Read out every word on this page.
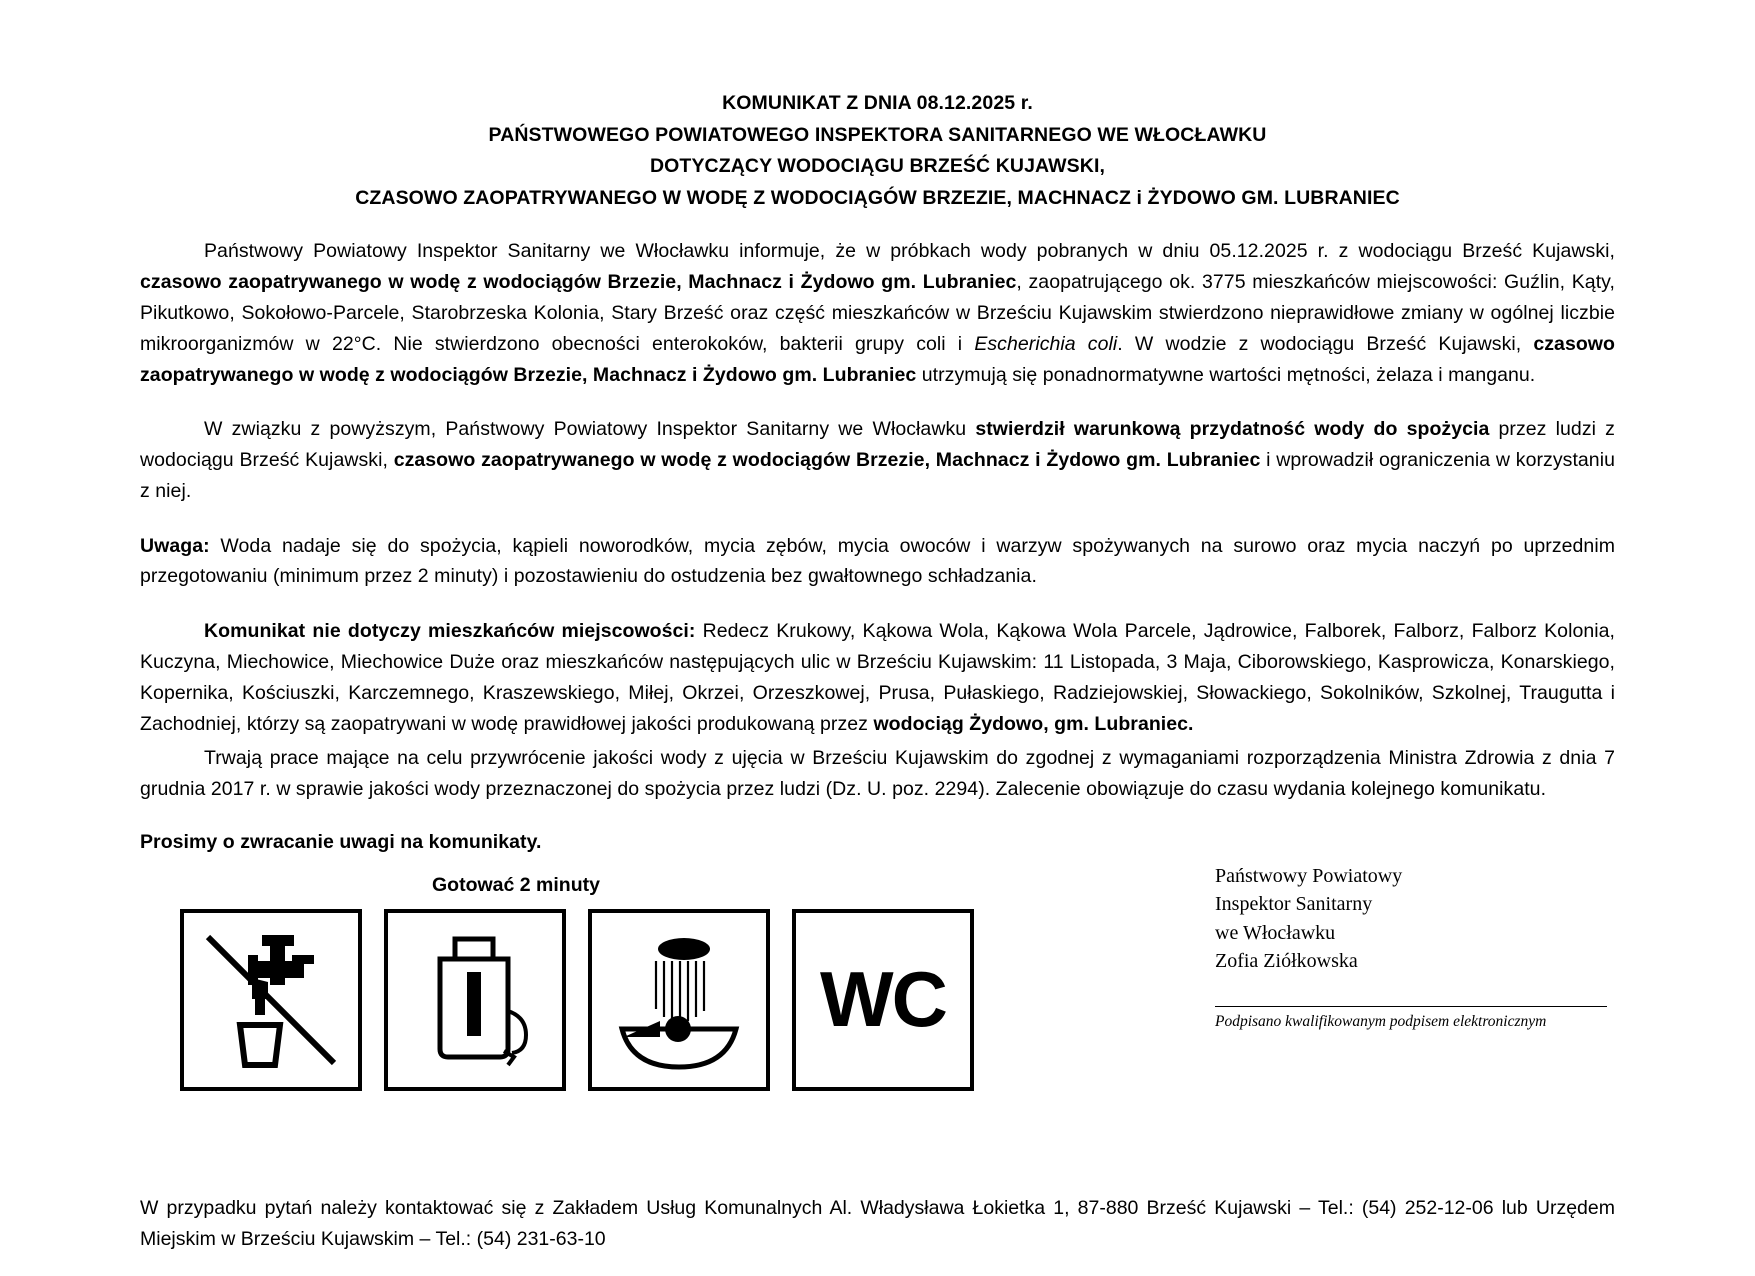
KOMUNIKAT Z DNIA 08.12.2025 r.
PAŃSTWOWEGO POWIATOWEGO INSPEKTORA SANITARNEGO WE WŁOCŁAWKU
DOTYCZĄCY WODOCIĄGU BRZEŚĆ KUJAWSKI,
CZASOWO ZAOPATRYWANEGO W WODĘ Z WODOCIĄGÓW BRZEZIE, MACHNACZ i ŻYDOWO GM. LUBRANIEC

Państwowy Powiatowy Inspektor Sanitarny we Włocławku informuje, że w próbkach wody pobranych w dniu 05.12.2025 r. z wodociągu Brześć Kujawski, czasowo zaopatrywanego w wodę z wodociągów Brzezie, Machnacz i Żydowo gm. Lubraniec, zaopatrującego ok. 3775 mieszkańców miejscowości: Guźlin, Kąty, Pikutkowo, Sokołowo-Parcele, Starobrzeska Kolonia, Stary Brześć oraz część mieszkańców w Brześciu Kujawskim stwierdzono nieprawidłowe zmiany w ogólnej liczbie mikroorganizmów w 22°C. Nie stwierdzono obecności enterokoków, bakterii grupy coli i Escherichia coli. W wodzie z wodociągu Brześć Kujawski, czasowo zaopatrywanego w wodę z wodociągów Brzezie, Machnacz i Żydowo gm. Lubraniec utrzymują się ponadnormatywne wartości mętności, żelaza i manganu.

W związku z powyższym, Państwowy Powiatowy Inspektor Sanitarny we Włocławku stwierdził warunkową przydatność wody do spożycia przez ludzi z wodociągu Brześć Kujawski, czasowo zaopatrywanego w wodę z wodociągów Brzezie, Machnacz i Żydowo gm. Lubraniec i wprowadził ograniczenia w korzystaniu z niej.

Uwaga: Woda nadaje się do spożycia, kąpieli noworodków, mycia zębów, mycia owoców i warzyw spożywanych na surowo oraz mycia naczyń po uprzednim przegotowaniu (minimum przez 2 minuty) i pozostawieniu do ostudzenia bez gwałtownego schładzania.

Komunikat nie dotyczy mieszkańców miejscowości: Redecz Krukowy, Kąkowa Wola, Kąkowa Wola Parcele, Jądrowice, Falborek, Falborz, Falborz Kolonia, Kuczyna, Miechowice, Miechowice Duże oraz mieszkańców następujących ulic w Brześciu Kujawskim: 11 Listopada, 3 Maja, Ciborowskiego, Kasprowicza, Konarskiego, Kopernika, Kościuszki, Karczemnego, Kraszewskiego, Miłej, Okrzei, Orzeszkowej, Prusa, Pułaskiego, Radziejowskiej, Słowackiego, Sokolników, Szkolnej, Traugutta i Zachodniej, którzy są zaopatrywani w wodę prawidłowej jakości produkowaną przez wodociąg Żydowo, gm. Lubraniec.

Trwają prace mające na celu przywrócenie jakości wody z ujęcia w Brześciu Kujawskim do zgodnej z wymaganiami rozporządzenia Ministra Zdrowia z dnia 7 grudnia 2017 r. w sprawie jakości wody przeznaczonej do spożycia przez ludzi (Dz. U. poz. 2294). Zalecenie obowiązuje do czasu wydania kolejnego komunikatu.

Prosimy o zwracanie uwagi na komunikaty.

Gotować 2 minuty
WC
Państwowy Powiatowy
Inspektor Sanitarny
we Włocławku
Zofia Ziółkowska
Podpisano kwalifikowanym podpisem elektronicznym
W przypadku pytań należy kontaktować się z Zakładem Usług Komunalnych Al. Władysława Łokietka 1, 87-880 Brześć Kujawski – Tel.: (54) 252-12-06 lub Urzędem Miejskim w Brześciu Kujawskim – Tel.: (54) 231-63-10
